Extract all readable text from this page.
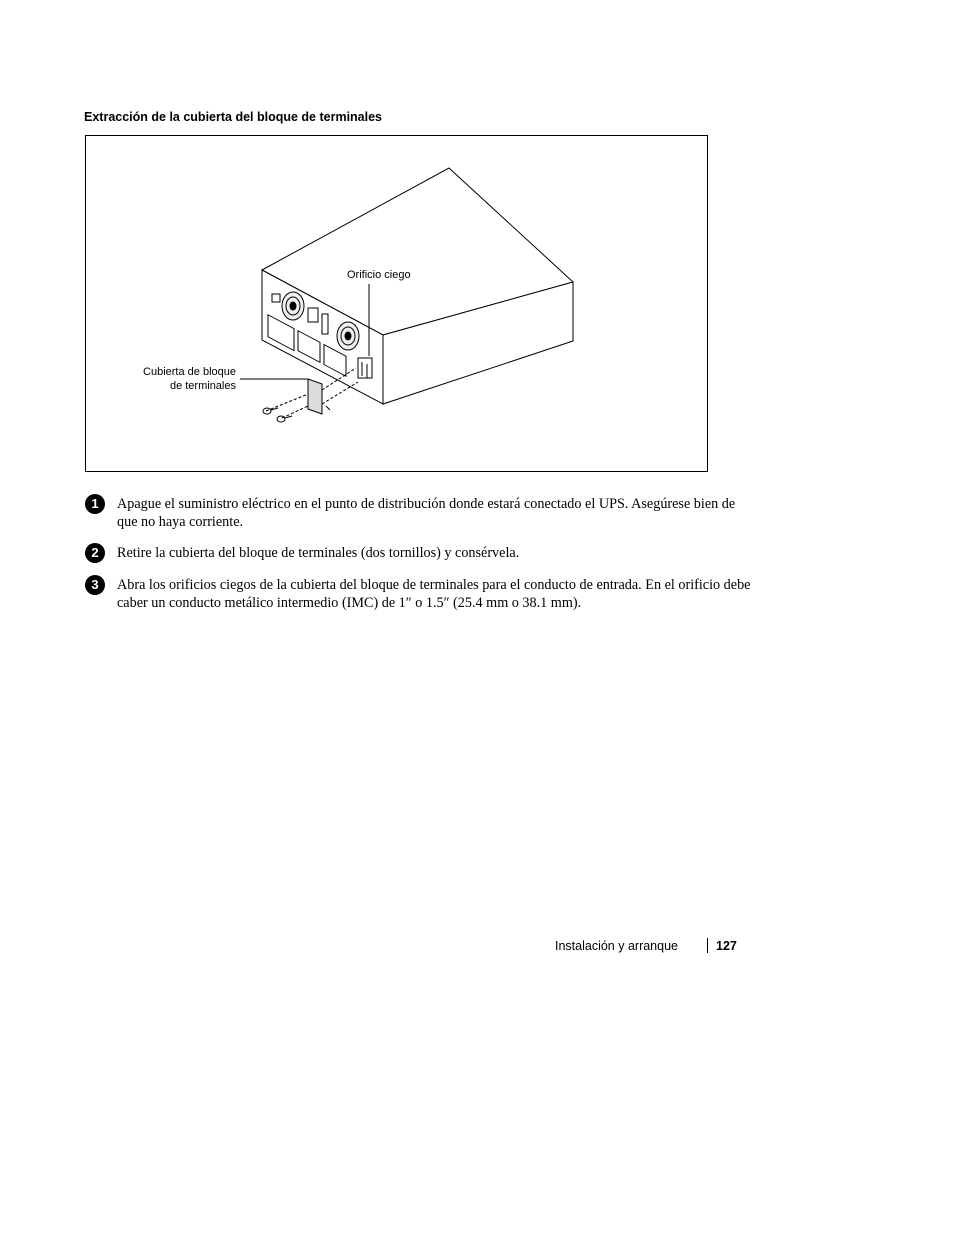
Extracción de la cubierta del bloque de terminales
Orificio ciego
Cubierta de bloque
de terminales
1	Apague el suministro eléctrico en el punto de distribución donde estará conectado el UPS. Asegúrese bien de que no haya corriente.
2	Retire la cubierta del bloque de terminales (dos tornillos) y consérvela.
3	Abra los orificios ciegos de la cubierta del bloque de terminales para el conducto de entrada. En el orificio debe caber un conducto metálico intermedio (IMC) de 1″ o 1.5″ (25.4 mm o 38.1 mm).
Instalación y arranque	127
